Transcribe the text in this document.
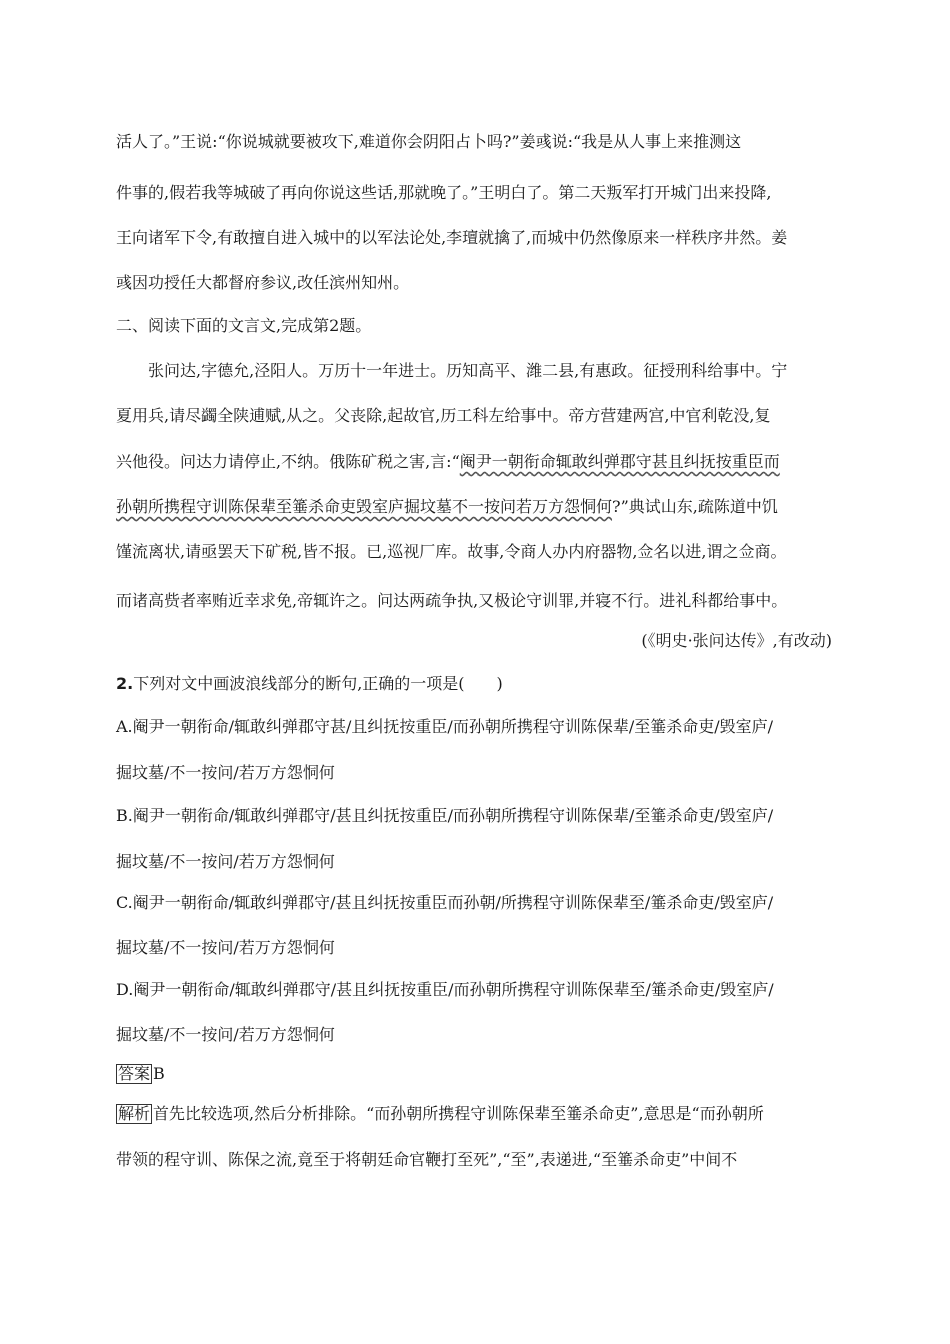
活人了。”王说:“你说城就要被攻下,难道你会阴阳占卜吗?”姜彧说:“我是从人事上来推测这
件事的,假若我等城破了再向你说这些话,那就晚了。”王明白了。第二天叛军打开城门出来投降,
王向诸军下令,有敢擅自进入城中的以军法论处,李璮就擒了,而城中仍然像原来一样秩序井然。姜
彧因功授任大都督府参议,改任滨州知州。
二、阅读下面的文言文,完成第2题。
张问达,字德允,泾阳人。万历十一年进士。历知高平、潍二县,有惠政。征授刑科给事中。宁
夏用兵,请尽蠲全陕逋赋,从之。父丧除,起故官,历工科左给事中。帝方营建两宫,中官利乾没,复
兴他役。问达力请停止,不纳。俄陈矿税之害,言:“阉尹一朝衔命辄敢纠弹郡守甚且纠抚按重臣而
孙朝所携程守训陈保辈至箠杀命吏毁室庐掘坟墓不一按问若万方怨恫何?”典试山东,疏陈道中饥
馑流离状,请亟罢天下矿税,皆不报。已,巡视厂库。故事,令商人办内府器物,佥名以进,谓之佥商。
而诸高赀者率贿近幸求免,帝辄许之。问达两疏争执,又极论守训罪,并寝不行。进礼科都给事中。
(《明史·张问达传》,有改动)
2.下列对文中画波浪线部分的断句,正确的一项是(　　)
A.阉尹一朝衔命/辄敢纠弹郡守甚/且纠抚按重臣/而孙朝所携程守训陈保辈/至箠杀命吏/毁室庐/
掘坟墓/不一按问/若万方怨恫何
B.阉尹一朝衔命/辄敢纠弹郡守/甚且纠抚按重臣/而孙朝所携程守训陈保辈/至箠杀命吏/毁室庐/
掘坟墓/不一按问/若万方怨恫何
C.阉尹一朝衔命/辄敢纠弹郡守/甚且纠抚按重臣而孙朝/所携程守训陈保辈至/箠杀命吏/毁室庐/
掘坟墓/不一按问/若万方怨恫何
D.阉尹一朝衔命/辄敢纠弹郡守/甚且纠抚按重臣/而孙朝所携程守训陈保辈至/箠杀命吏/毁室庐/
掘坟墓/不一按问/若万方怨恫何
答案 B
解析 首先比较选项,然后分析排除。“而孙朝所携程守训陈保辈至箠杀命吏”,意思是“而孙朝所
带领的程守训、陈保之流,竟至于将朝廷命官鞭打至死”,“至”,表递进,“至箠杀命吏”中间不
